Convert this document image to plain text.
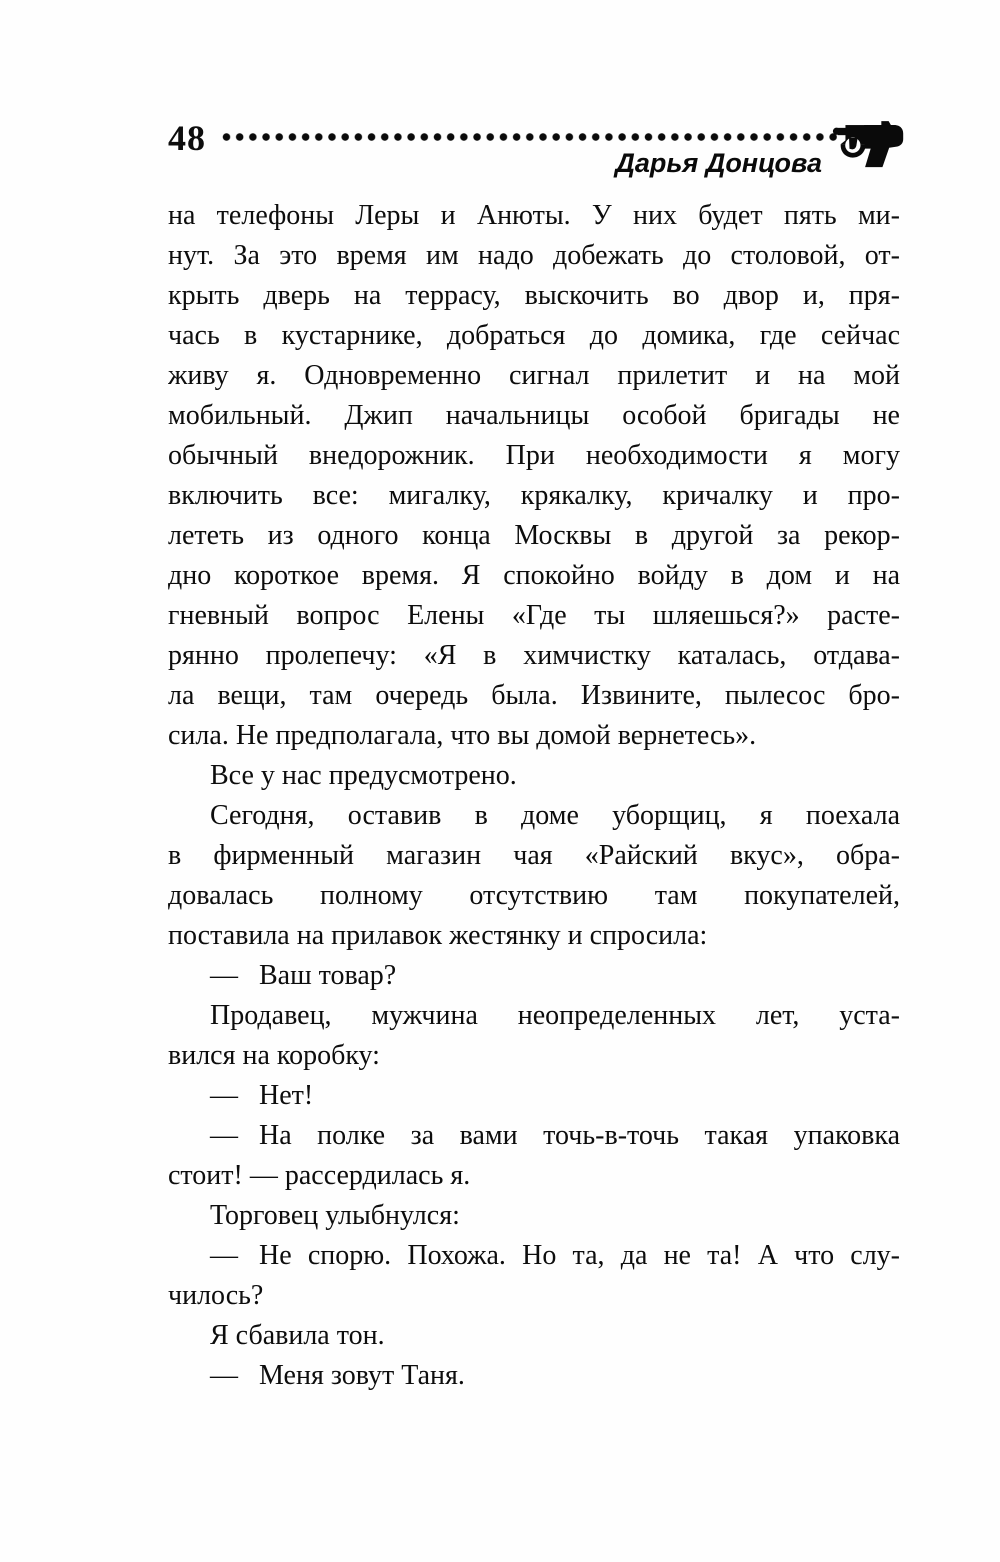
48
Дарья Донцова
на телефоны Леры и Анюты. У них будет пять ми-
нут. За это время им надо добежать до столовой, от-
крыть дверь на террасу, выскочить во двор и, пря-
чась в кустарнике, добраться до домика, где сейчас
живу я. Одновременно сигнал прилетит и на мой
мобильный. Джип начальницы особой бригады не
обычный внедорожник. При необходимости я могу
включить все: мигалку, крякалку, кричалку и про-
лететь из одного конца Москвы в другой за рекор-
дно короткое время. Я спокойно войду в дом и на
гневный вопрос Елены «Где ты шляешься?» расте-
рянно пролепечу: «Я в химчистку каталась, отдава-
ла вещи, там очередь была. Извините, пылесос бро-
сила. Не предполагала, что вы домой вернетесь».
Все у нас предусмотрено.
Сегодня, оставив в доме уборщиц, я поехала
в фирменный магазин чая «Райский вкус», обра-
довалась полному отсутствию там покупателей,
поставила на прилавок жестянку и спросила:
—  Ваш товар?
Продавец, мужчина неопределенных лет, уста-
вился на коробку:
—  Нет!
—  На полке за вами точь-в-точь такая упаковка
стоит! — рассердилась я.
Торговец улыбнулся:
—  Не спорю. Похожа. Но та, да не та! А что слу-
чилось?
Я сбавила тон.
—  Меня зовут Таня.
